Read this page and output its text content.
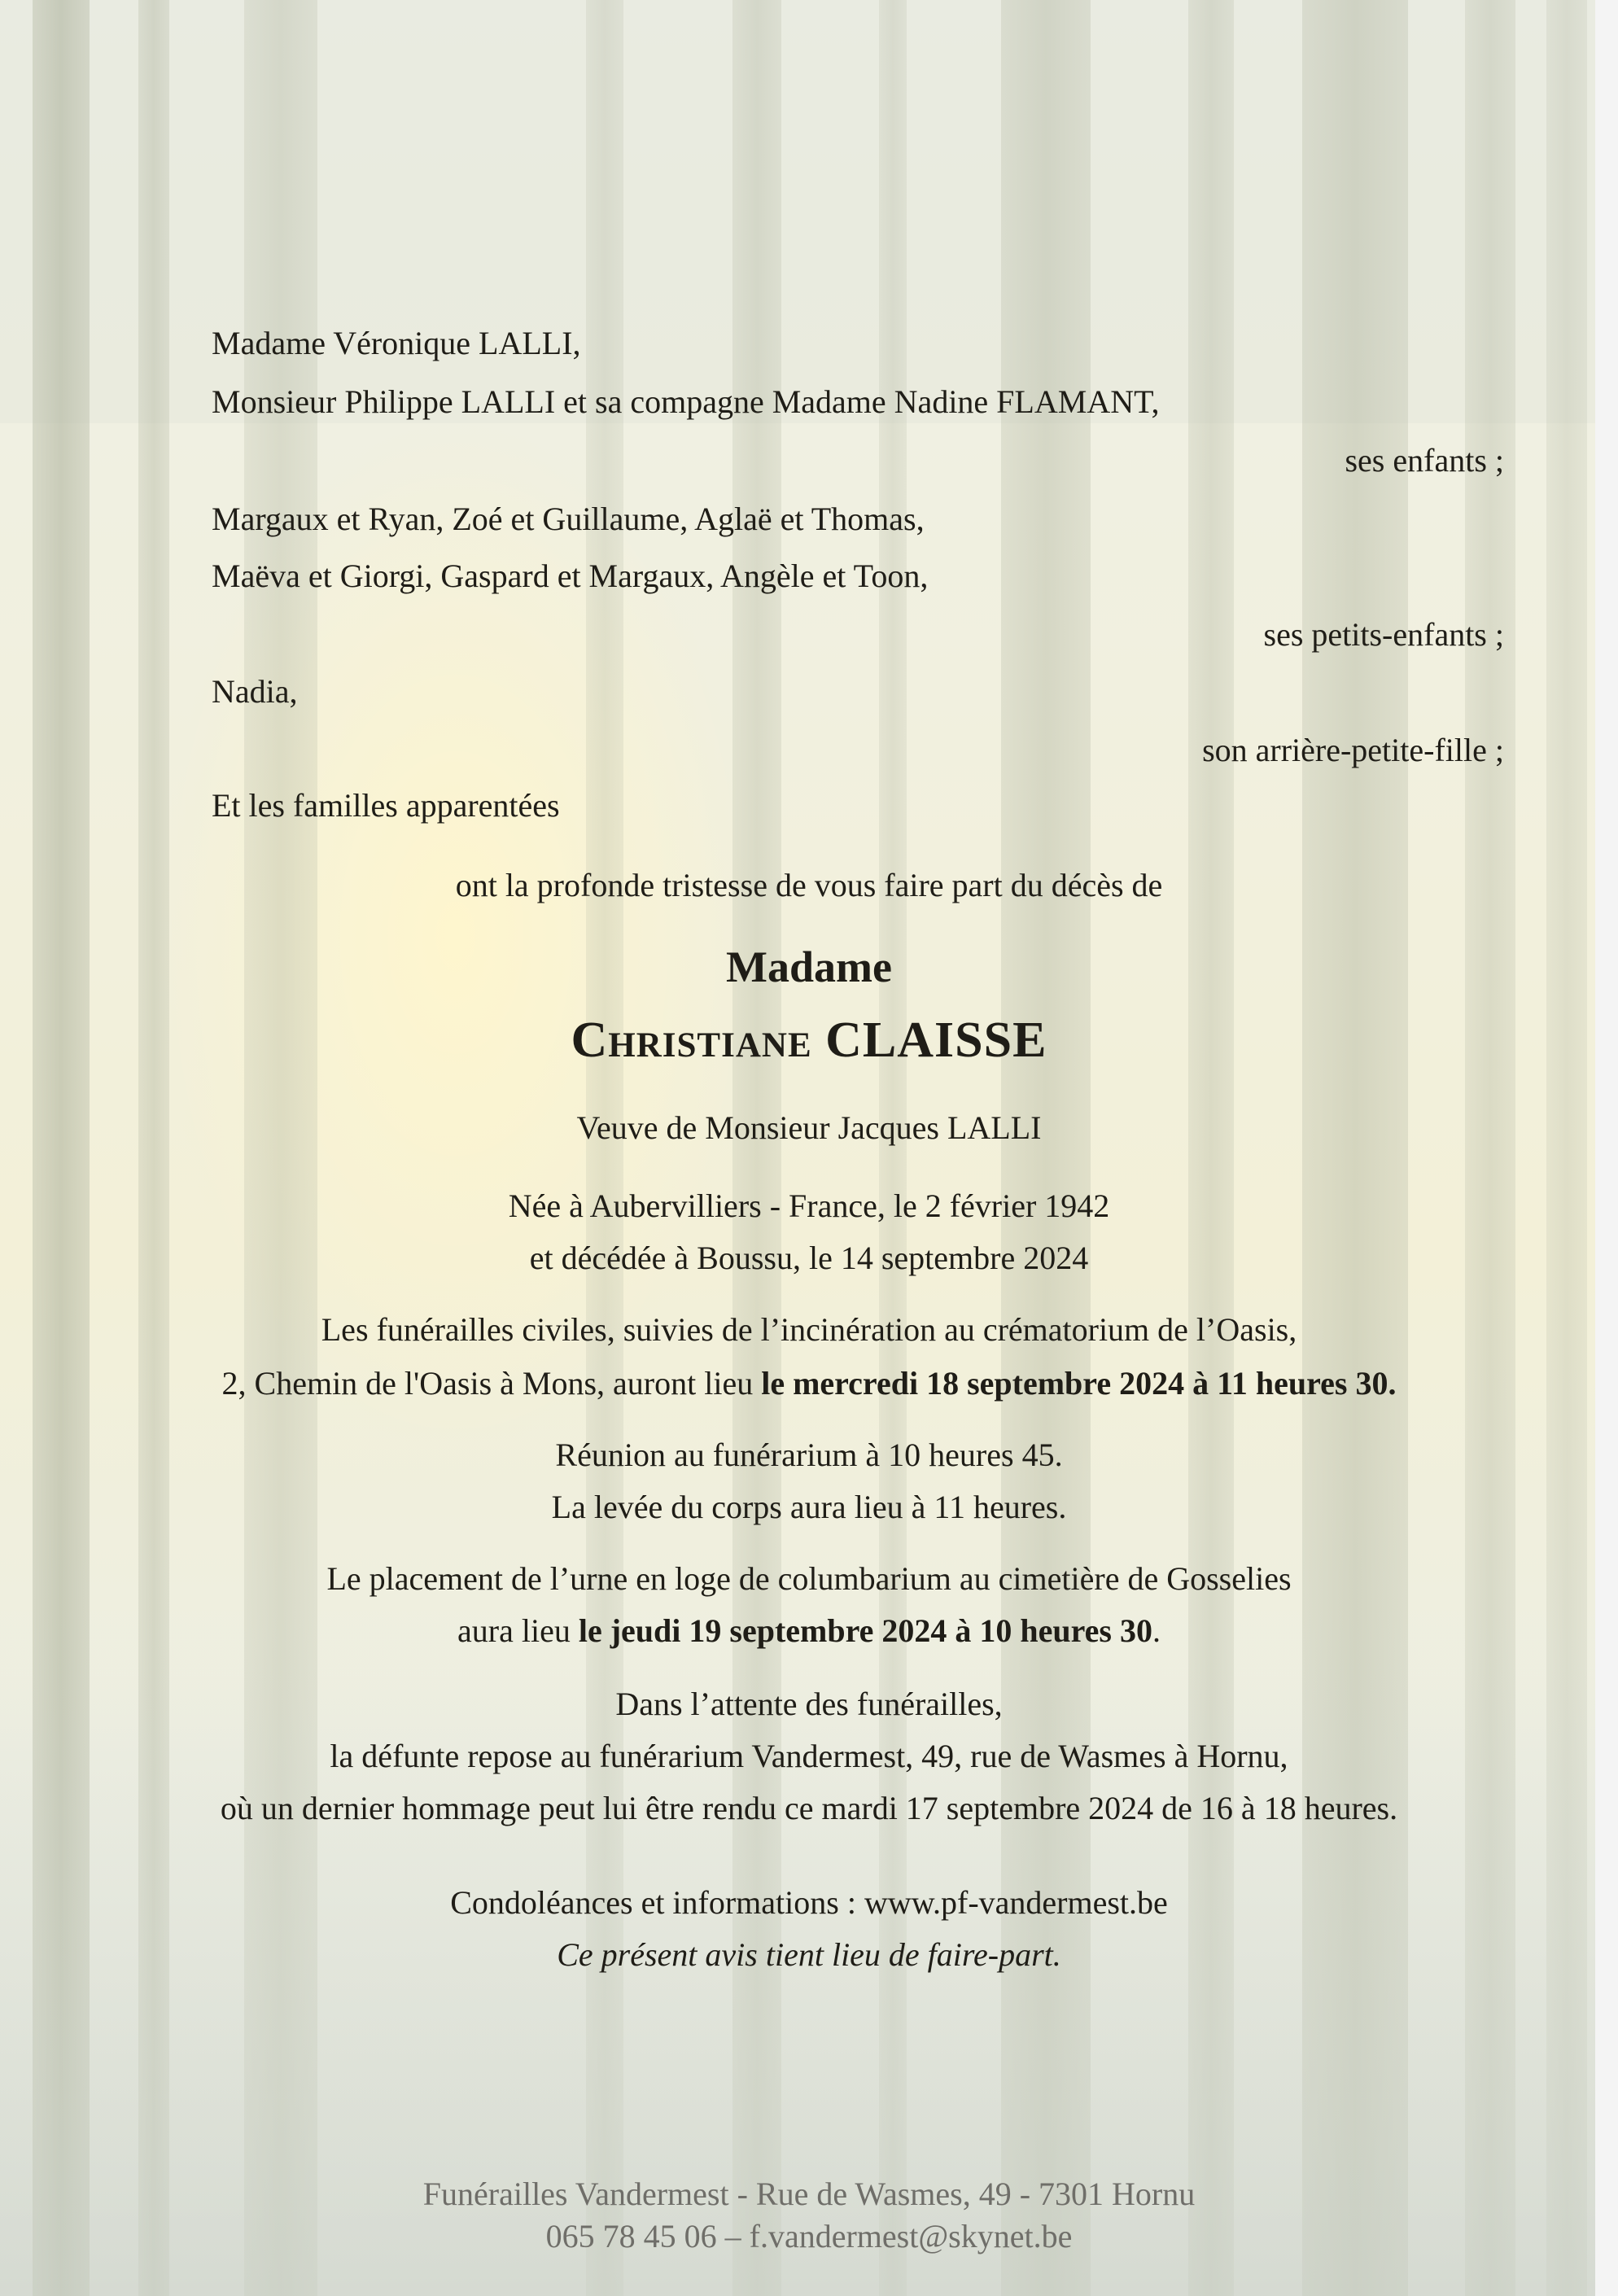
Madame Véronique LALLI,
Monsieur Philippe LALLI et sa compagne Madame Nadine FLAMANT,
ses enfants ;
Margaux et Ryan, Zoé et Guillaume, Aglaë et Thomas,
Maëva et Giorgi, Gaspard et Margaux, Angèle et Toon,
ses petits-enfants ;
Nadia,
son arrière-petite-fille ;
Et les familles apparentées
ont la profonde tristesse de vous faire part du décès de
Madame
Christiane CLAISSE
Veuve de Monsieur Jacques LALLI
Née à Aubervilliers - France, le 2 février 1942
et décédée à Boussu, le 14 septembre 2024
Les funérailles civiles, suivies de l’incinération au crématorium de l’Oasis,
2, Chemin de l'Oasis à Mons, auront lieu le mercredi 18 septembre 2024 à 11 heures 30.
Réunion au funérarium à 10 heures 45.
La levée du corps aura lieu à 11 heures.
Le placement de l’urne en loge de columbarium au cimetière de Gosselies
aura lieu le jeudi 19 septembre 2024 à 10 heures 30.
Dans l’attente des funérailles,
la défunte repose au funérarium Vandermest, 49, rue de Wasmes à Hornu,
où un dernier hommage peut lui être rendu ce mardi 17 septembre 2024 de 16 à 18 heures.
Condoléances et informations : www.pf-vandermest.be
Ce présent avis tient lieu de faire-part.
Funérailles Vandermest - Rue de Wasmes, 49 - 7301 Hornu
065 78 45 06 – f.vandermest@skynet.be
